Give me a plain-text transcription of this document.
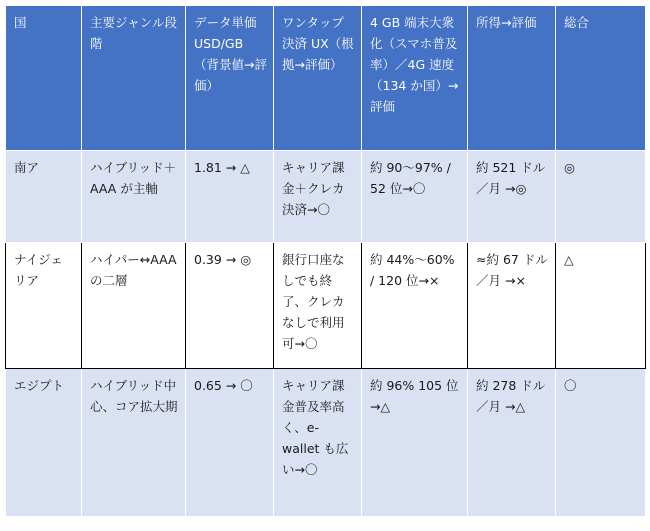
国	主要ジャンル段階	データ単価 USD/GB（背景値→評価）	ワンタップ決済 UX（根拠→評価）	4 GB 端末大衆化（スマホ普及率）／4G 速度（134 か国）→評価	所得→評価	総合
南ア	ハイブリッド＋AAA が主軸	1.81 → △	キャリア課金＋クレカ決済→〇	約 90〜97% / 52 位→〇	約 521 ドル／月 →◎	◎
ナイジェリア	ハイパー↔AAA の二層	0.39 → ◎	銀行口座なしでも終了、クレカなしで利用可→〇	約 44%〜60% / 120 位→×	≈約 67 ドル／月 →×	△
エジプト	ハイブリッド中心、コア拡大期	0.65 → 〇	キャリア課金普及率高く、e-wallet も広い→〇	約 96% 105 位→△	約 278 ドル／月 →△	〇
